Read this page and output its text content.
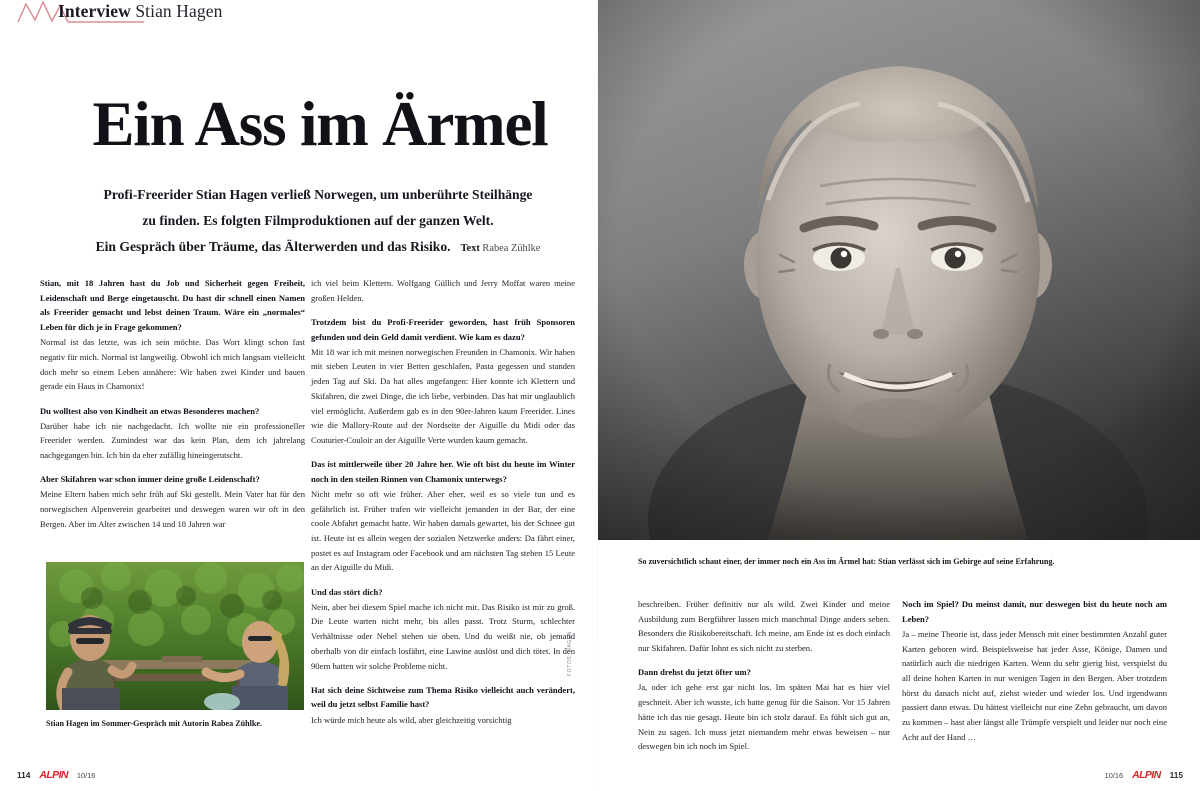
Interview Stian Hagen
So zuversichtlich schaut einer, der immer noch ein Ass im Ärmel hat: Stian verlässt sich im Gebirge auf seine Erfahrung.
Ein Ass im Ärmel
Profi-Freerider Stian Hagen verließ Norwegen, um unberührte Steilhänge
zu finden. Es folgten Filmproduktionen auf der ganzen Welt.
Ein Gespräch über Träume, das Älterwerden und das Risiko. Text Rabea Zühlke

Stian, mit 18 Jahren hast du Job und Sicherheit gegen Freiheit, Leidenschaft und Berge eingetauscht. Du hast dir schnell einen Namen als Freerider gemacht und lebst deinen Traum. Wäre ein „normales“ Leben für dich je in Frage gekommen?

Normal ist das letzte, was ich sein möchte. Das Wort klingt schon fast negativ für mich. Normal ist langweilig. Obwohl ich mich langsam vielleicht doch mehr so einem Leben annähere: Wir haben zwei Kinder und bauen gerade ein Haus in Chamonix!

Du wolltest also von Kindheit an etwas Besonderes machen?

Darüber habe ich nie nachgedacht. Ich wollte nie ein professioneller Freerider werden. Zumindest war das kein Plan, dem ich jahrelang nachgegangen bin. Ich bin da eher zufällig hineingerutscht.

Aber Skifahren war schon immer deine große Leidenschaft?

Meine Eltern haben mich sehr früh auf Ski gestellt. Mein Vater hat für den norwegischen Alpenverein gearbeitet und deswegen waren wir oft in den Bergen. Aber im Alter zwischen 14 und 18 Jahren war

Stian Hagen im Sommer-Gespräch mit Autorin Rabea Zühlke.

ich viel beim Klettern. Wolfgang Güllich und Jerry Moffat waren meine großen Helden.

Trotzdem bist du Profi-Freerider geworden, hast früh Sponsoren gefunden und dein Geld damit verdient. Wie kam es dazu?

Mit 18 war ich mit meinen norwegischen Freunden in Chamonix. Wir haben mit sieben Leuten in vier Betten geschlafen, Pasta gegessen und standen jeden Tag auf Ski. Da hat alles angefangen: Hier konnte ich Klettern und Skifahren, die zwei Dinge, die ich liebe, verbinden. Das hat mir unglaublich viel ermöglicht. Außerdem gab es in den 90er-Jahren kaum Freerider. Lines wie die Mallory-Route auf der Nordseite der Aiguille du Midi oder das Couturier-Couloir an der Aiguille Verte wurden kaum gemacht.

Das ist mittlerweile über 20 Jahre her. Wie oft bist du heute im Winter noch in den steilen Rinnen von Chamonix unterwegs?

Nicht mehr so oft wie früher. Aber eher, weil es so viele tun und es gefährlich ist. Früher trafen wir vielleicht jemanden in der Bar, der eine coole Abfahrt gemacht hatte. Wir haben damals gewartet, bis der Schnee gut ist. Heute ist es allein wegen der sozialen Netzwerke anders: Da fährt einer, postet es auf Instagram oder Facebook und am nächsten Tag stehen 15 Leute an der Aiguille du Midi.

Und das stört dich?

Nein, aber bei diesem Spiel mache ich nicht mit. Das Risiko ist mir zu groß. Die Leute warten nicht mehr, bis alles passt. Trotz Sturm, schlechter Verhältnisse oder Nebel stehen sie oben. Und du weißt nie, ob jemand oberhalb von dir einfach losfährt, eine Lawine auslöst und dich tötet. In den 90ern hatten wir solche Probleme nicht.

Hat sich deine Sichtweise zum Thema Risiko vielleicht auch verändert, weil du jetzt selbst Familie hast?

Ich würde mich heute als wild, aber gleichzeitig vorsichtig

FOTOS: HAGEN

beschreiben. Früher definitiv nur als wild. Zwei Kinder und meine Ausbildung zum Bergführer lassen mich manchmal Dinge anders sehen. Besonders die Risikobereitschaft. Ich meine, am Ende ist es doch einfach nur Skifahren. Dafür lohnt es sich nicht zu sterben.

Dann drehst du jetzt öfter um?

Ja, oder ich gehe erst gar nicht los. Im späten Mai hat es hier viel geschneit. Aber ich wusste, ich hatte genug für die Saison. Vor 15 Jahren hätte ich das nie gesagt. Heute bin ich stolz darauf. Es fühlt sich gut an, Nein zu sagen. Ich muss jetzt niemandem mehr etwas beweisen – nur deswegen bin ich noch im Spiel.

Noch im Spiel? Du meinst damit, nur deswegen bist du heute noch am Leben?

Ja – meine Theorie ist, dass jeder Mensch mit einer bestimmten Anzahl guter Karten geboren wird. Beispielsweise hat jeder Asse, Könige, Damen und natürlich auch die niedrigen Karten. Wenn du sehr gierig bist, verspielst du all deine hohen Karten in nur wenigen Tagen in den Bergen. Aber trotzdem hörst du danach nicht auf, ziehst wieder und wieder los. Und irgendwann passiert dann etwas. Du hättest vielleicht nur eine Zehn gebraucht, um davon zu kommen – hast aber längst alle Trümpfe verspielt und leider nur noch eine Acht auf der Hand …

114 ALPIN 10/16	10/16 ALPIN 115
